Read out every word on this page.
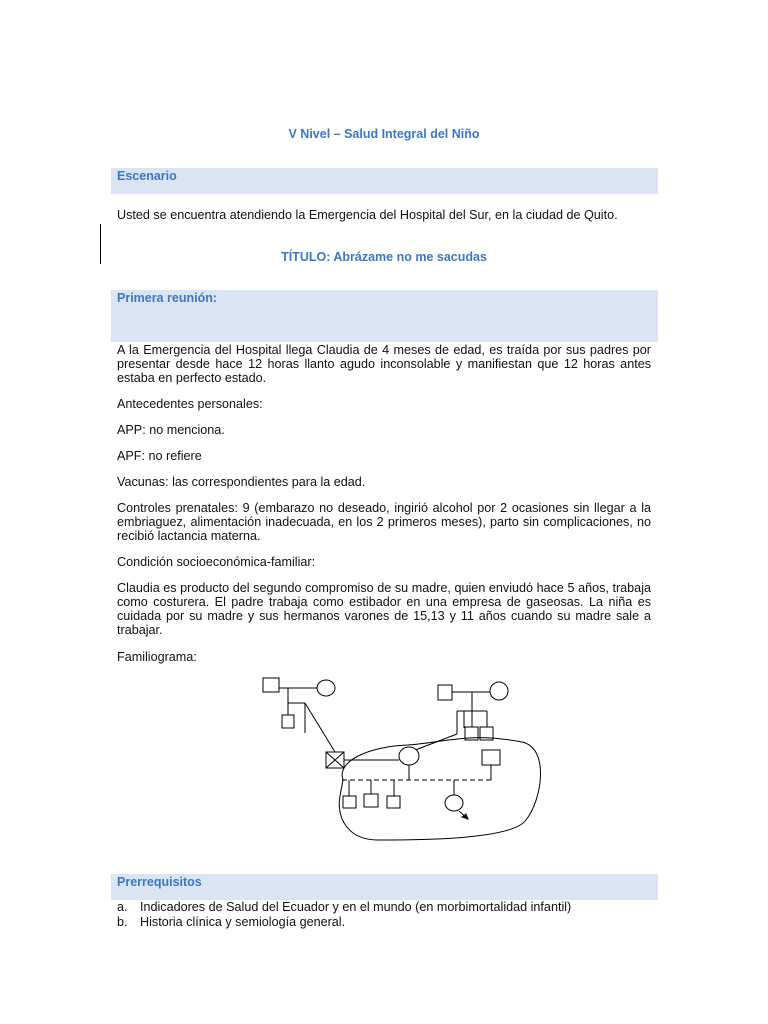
V Nivel – Salud Integral del Niño
Escenario

Usted se encuentra atendiendo la Emergencia del Hospital del Sur, en la ciudad de Quito.

TÍTULO: Abrázame no me sacudas
Primera reunión:

A la Emergencia del Hospital llega Claudia de 4 meses de edad, es traída por sus padres por presentar desde hace 12 horas llanto agudo inconsolable y manifiestan que 12 horas antes estaba en perfecto estado.

Antecedentes personales:

APP: no menciona.

APF: no refiere

Vacunas: las correspondientes para la edad.

Controles prenatales: 9 (embarazo no deseado, ingirió alcohol por 2 ocasiones sin llegar a la embriaguez, alimentación inadecuada, en los 2 primeros meses), parto sin complicaciones, no recibió lactancia materna.

Condición socioeconómica-familiar:

Claudia es producto del segundo compromiso de su madre, quien enviudó hace 5 años, trabaja como costurera. El padre trabaja como estibador en una empresa de gaseosas. La niña es cuidada por su madre y sus hermanos varones de 15,13 y 11 años cuando su madre sale a trabajar.

Familiograma:

Prerrequisitos
a. Indicadores de Salud del Ecuador y en el mundo (en morbimortalidad infantil)
b. Historia clínica y semiología general.
